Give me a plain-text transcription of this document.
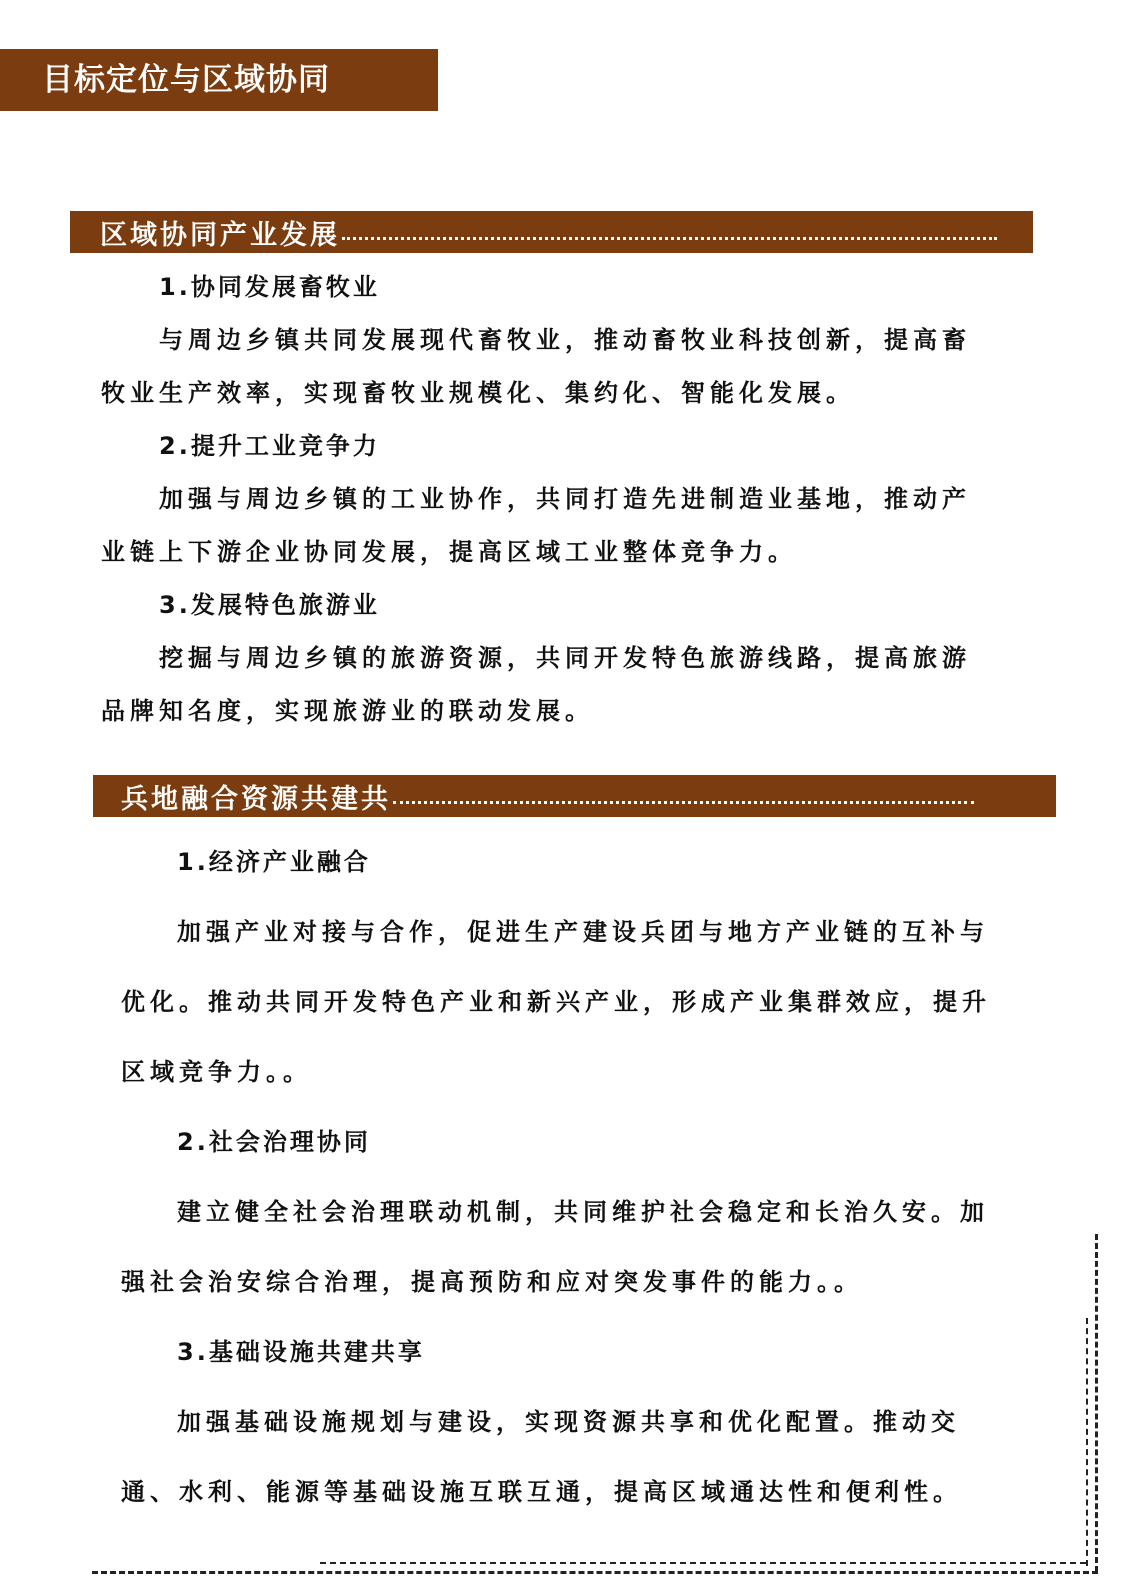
目标定位与区域协同
区域协同产业发展

1.协同发展畜牧业

与周边乡镇共同发展现代畜牧业，推动畜牧业科技创新，提高畜牧业生产效率，实现畜牧业规模化、集约化、智能化发展。

2.提升工业竞争力

加强与周边乡镇的工业协作，共同打造先进制造业基地，推动产业链上下游企业协同发展，提高区域工业整体竞争力。

3.发展特色旅游业

挖掘与周边乡镇的旅游资源，共同开发特色旅游线路，提高旅游品牌知名度，实现旅游业的联动发展。

兵地融合资源共建共

1.经济产业融合

加强产业对接与合作，促进生产建设兵团与地方产业链的互补与优化。推动共同开发特色产业和新兴产业，形成产业集群效应，提升区域竞争力。。

2.社会治理协同

建立健全社会治理联动机制，共同维护社会稳定和长治久安。加强社会治安综合治理，提高预防和应对突发事件的能力。。

3.基础设施共建共享

加强基础设施规划与建设，实现资源共享和优化配置。推动交通、水利、能源等基础设施互联互通，提高区域通达性和便利性。
